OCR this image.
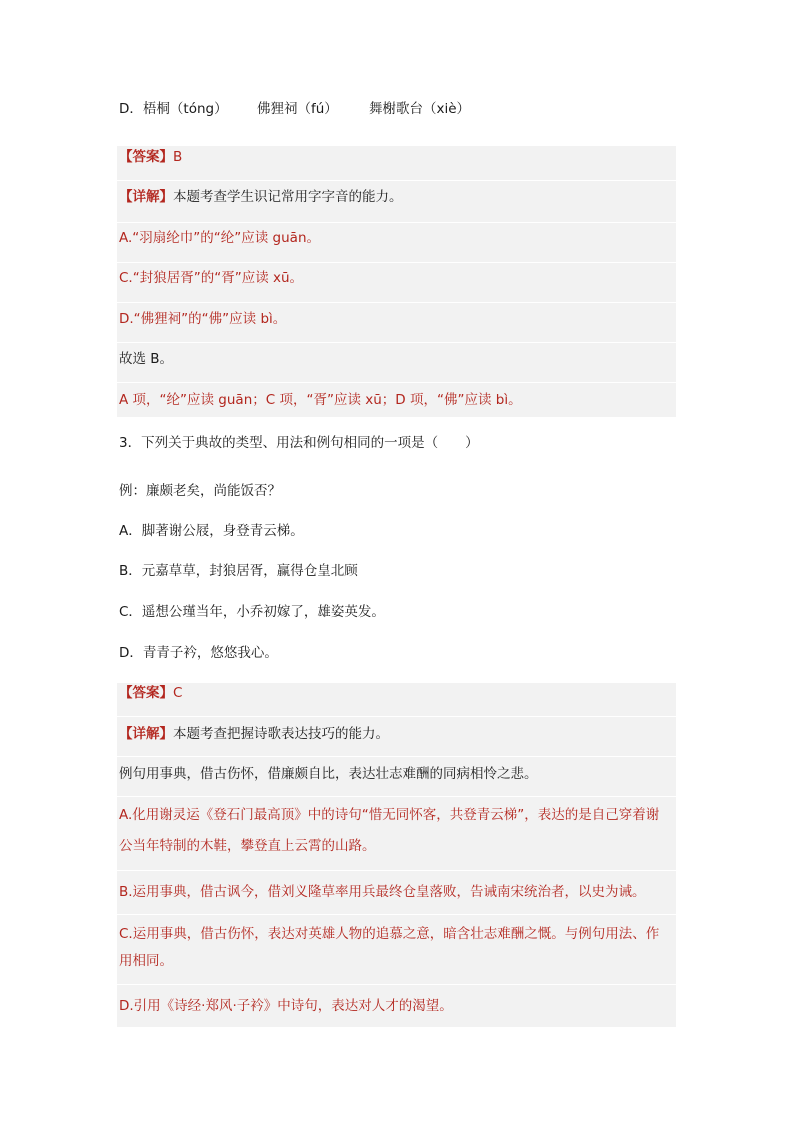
D．梧桐（tóng） 佛狸祠（fú） 舞榭歌台（xiè）
【答案】B
【详解】本题考查学生识记常用字字音的能力。
A.“羽扇纶巾”的“纶”应读 guān。
C.“封狼居胥”的“胥”应读 xū。
D.“佛狸祠”的“佛”应读 bì。
故选 B。
A 项，“纶”应读 guān；C 项，“胥”应读 xū；D 项，“佛”应读 bì。
3．下列关于典故的类型、用法和例句相同的一项是（　　）
例：廉颇老矣，尚能饭否？
A．脚著谢公屐，身登青云梯。
B．元嘉草草，封狼居胥，赢得仓皇北顾
C．遥想公瑾当年，小乔初嫁了，雄姿英发。
D．青青子衿，悠悠我心。
【答案】C
【详解】本题考查把握诗歌表达技巧的能力。
例句用事典，借古伤怀，借廉颇自比，表达壮志难酬的同病相怜之悲。
A.化用谢灵运《登石门最高顶》中的诗句“惜无同怀客，共登青云梯”，表达的是自己穿着谢
公当年特制的木鞋，攀登直上云霄的山路。
B.运用事典，借古讽今，借刘义隆草率用兵最终仓皇落败，告诫南宋统治者，以史为诫。
C.运用事典，借古伤怀，表达对英雄人物的追慕之意，暗含壮志难酬之慨。与例句用法、作
用相同。
D.引用《诗经·郑风·子衿》中诗句，表达对人才的渴望。
